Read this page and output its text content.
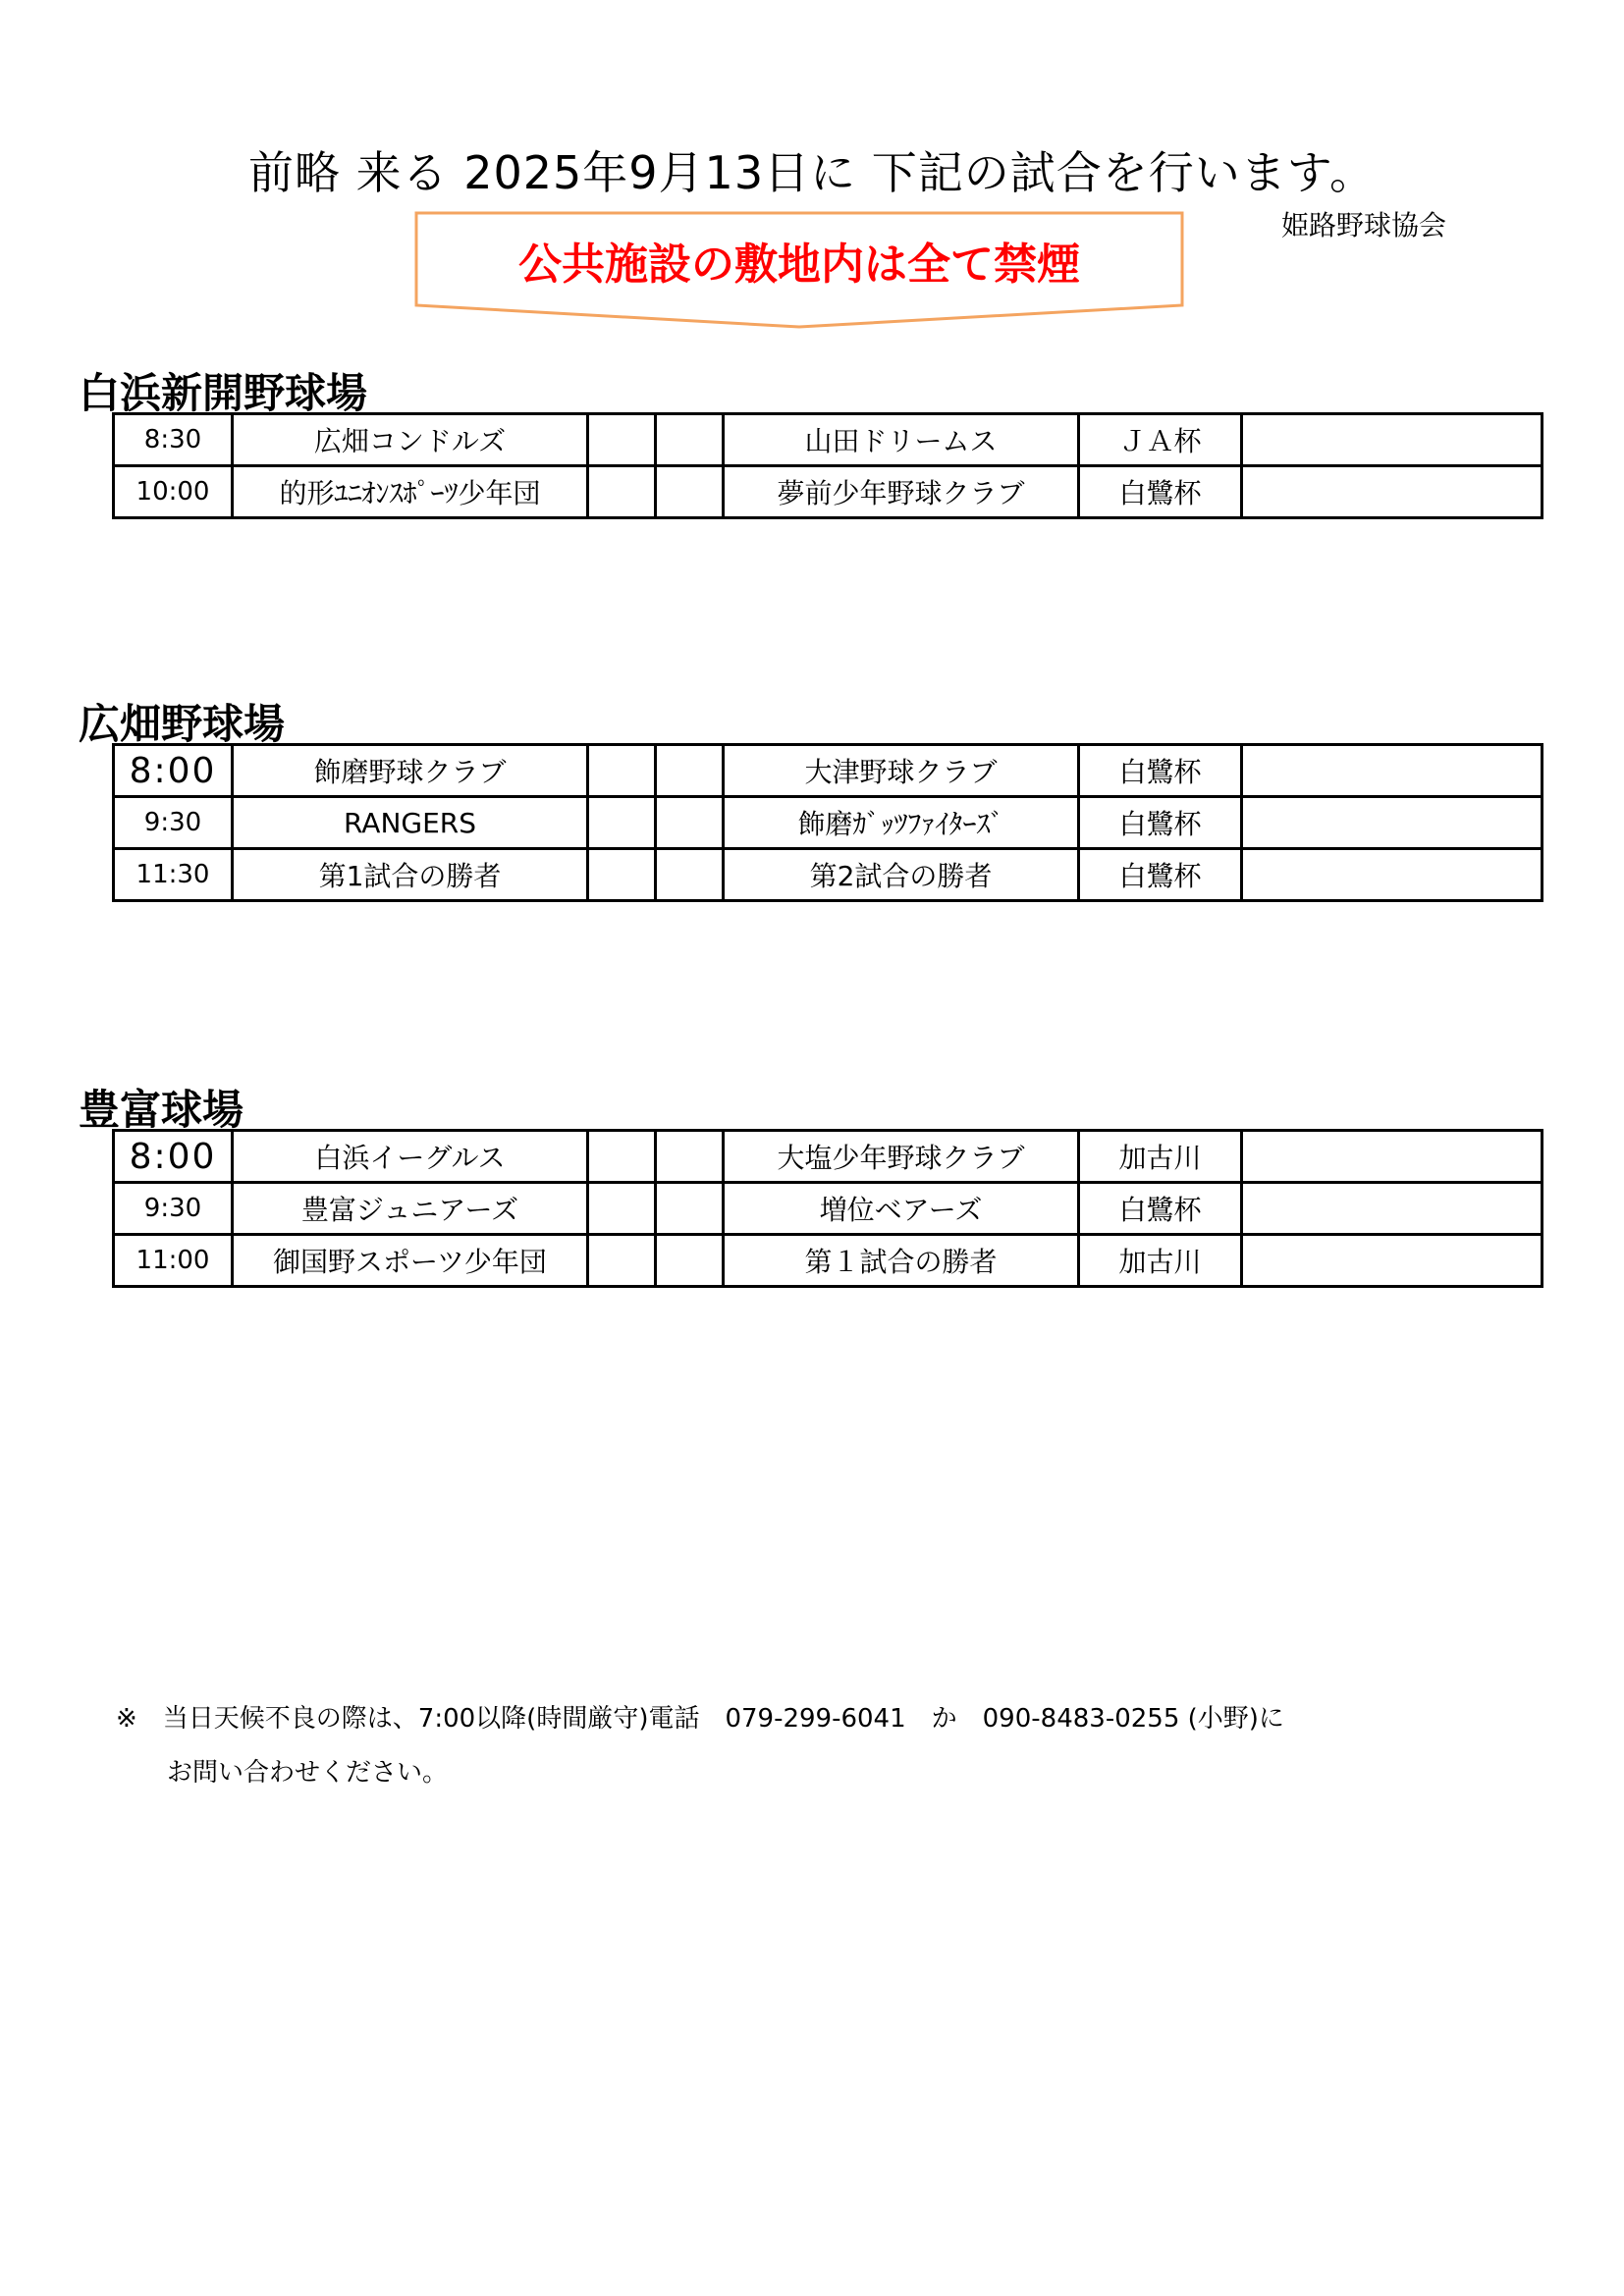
前略 来る 2025年9月13日に 下記の試合を行います。
姫路野球協会
公共施設の敷地内は全て禁煙
白浜新開野球場
8:30	広畑コンドルズ			山田ドリームス	ＪＡ杯	
10:00	的形ﾕﾆｵﾝｽﾎﾟｰﾂ少年団			夢前少年野球クラブ	白鷺杯	
広畑野球場
8:00	飾磨野球クラブ			大津野球クラブ	白鷺杯	
9:30	RANGERS			飾磨ｶﾞｯﾂﾌｧｲﾀｰｽﾞ	白鷺杯	
11:30	第1試合の勝者			第2試合の勝者	白鷺杯	
豊富球場
8:00	白浜イーグルス			大塩少年野球クラブ	加古川	
9:30	豊富ジュニアーズ			増位ベアーズ	白鷺杯	
11:00	御国野スポーツ少年団			第１試合の勝者	加古川	
※　当日天候不良の際は、7:00以降(時間厳守)電話　079-299-6041　か　090-8483-0255 (小野)に
お問い合わせください。
